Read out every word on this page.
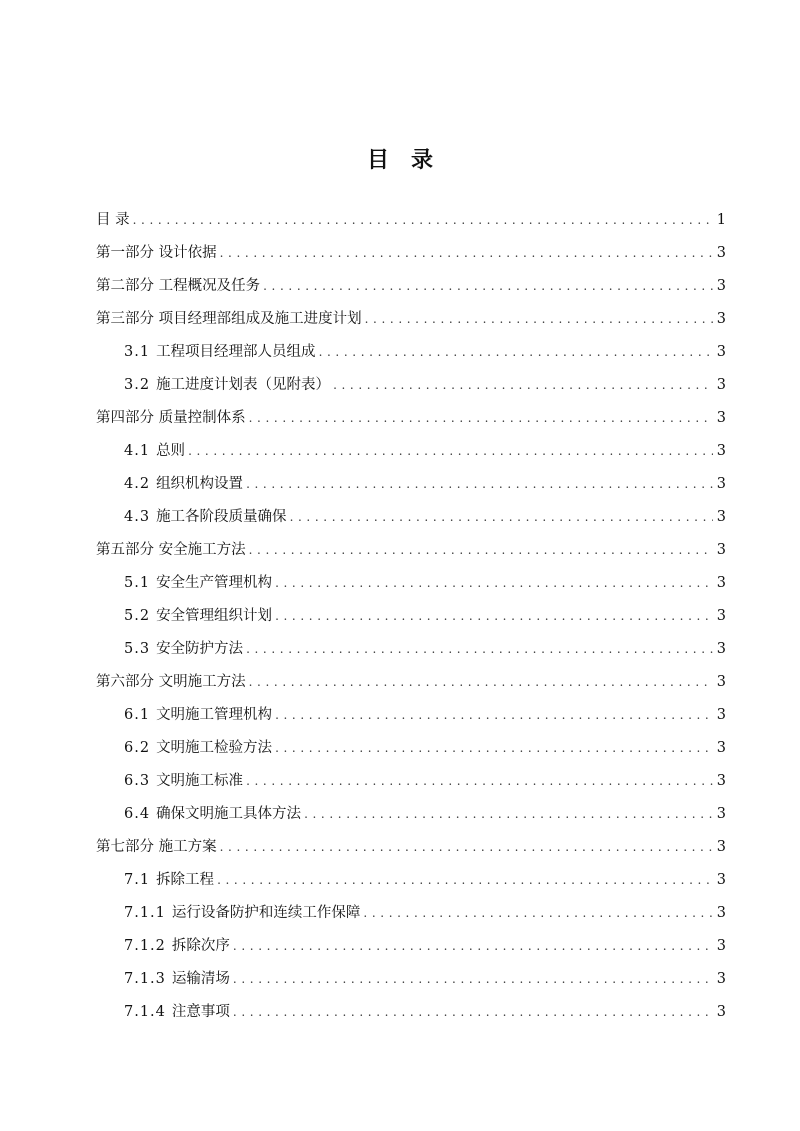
目　录
目 录 . . .	1
第一部分 设计依据 . . .	3
第二部分 工程概况及任务 . . .	3
第三部分 项目经理部组成及施工进度计划 . . .	3
3.1 工程项目经理部人员组成 . . .	3
3.2 施工进度计划表（见附表） . . .	3
第四部分 质量控制体系 . . .	3
4.1 总则 . . .	3
4.2 组织机构设置 . . .	3
4.3 施工各阶段质量确保 . . .	3
第五部分 安全施工方法 . . .	3
5.1 安全生产管理机构 . . .	3
5.2 安全管理组织计划 . . .	3
5.3 安全防护方法 . . .	3
第六部分 文明施工方法 . . .	3
6.1 文明施工管理机构 . . .	3
6.2 文明施工检验方法 . . .	3
6.3 文明施工标准 . . .	3
6.4 确保文明施工具体方法 . . .	3
第七部分 施工方案 . . .	3
7.1 拆除工程 . . .	3
7.1.1 运行设备防护和连续工作保障 . . .	3
7.1.2 拆除次序 . . .	3
7.1.3 运输清场 . . .	3
7.1.4 注意事项 . . .	3
